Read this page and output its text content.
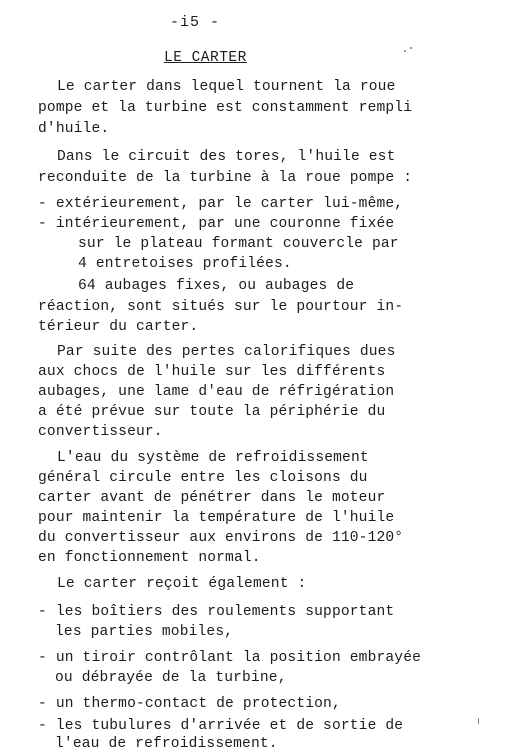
-i5 -
LE CARTER
Le carter dans lequel tournent la roue
pompe et la turbine est constamment rempli
d'huile.
Dans le circuit des tores, l'huile est
reconduite de la turbine à la roue pompe :
- extérieurement, par le carter lui-même,
- intérieurement, par une couronne fixée
sur le plateau formant couvercle par
4 entretoises profilées.
64 aubages fixes, ou aubages de
réaction, sont situés sur le pourtour in-
térieur du carter.
Par suite des pertes calorifiques dues
aux chocs de l'huile sur les différents
aubages, une lame d'eau de réfrigération
a été prévue sur toute la périphérie du
convertisseur.
L'eau du système de refroidissement
général circule entre les cloisons du
carter avant de pénétrer dans le moteur
pour maintenir la température de l'huile
du convertisseur aux environs de 110-120°
en fonctionnement normal.
Le carter reçoit également :
- les boîtiers des roulements supportant
les parties mobiles,
- un tiroir contrôlant la position embrayée
ou débrayée de la turbine,
- un thermo-contact de protection,
- les tubulures d'arrivée et de sortie de
l'eau de refroidissement.
